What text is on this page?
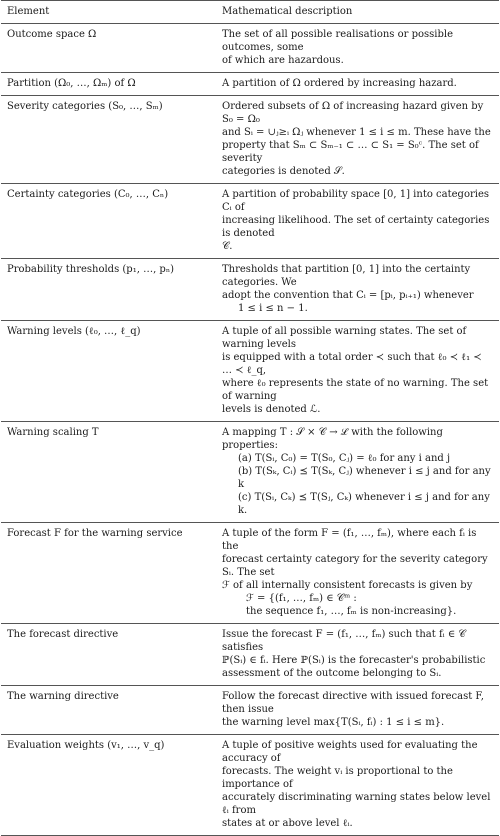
Element	Mathematical description
Outcome space Ω	The set of all possible realisations or possible outcomes, some
of which are hazardous.

Partition (Ω₀, …, Ωₘ) of Ω	A partition of Ω ordered by increasing hazard.

Severity categories (S₀, …, Sₘ)	Ordered subsets of Ω of increasing hazard given by S₀ = Ω₀
and Sᵢ = ∪ⱼ≥ᵢ Ωⱼ whenever 1 ≤ i ≤ m. These have the
property that Sₘ ⊂ Sₘ₋₁ ⊂ … ⊂ S₁ = S₀ᶜ. The set of severity
categories is denoted 𝒮.

Certainty categories (C₀, …, Cₙ)	A partition of probability space [0, 1] into categories Cᵢ of
increasing likelihood. The set of certainty categories is denoted
𝒞.

Probability thresholds (p₁, …, pₙ)	Thresholds that partition [0, 1] into the certainty categories. We
adopt the convention that Cᵢ = [pᵢ, pᵢ₊₁) whenever
1 ≤ i ≤ n − 1.

Warning levels (ℓ₀, …, ℓ_q)	A tuple of all possible warning states. The set of warning levels
is equipped with a total order ≺ such that ℓ₀ ≺ ℓ₁ ≺ … ≺ ℓ_q,
where ℓ₀ represents the state of no warning. The set of warning
levels is denoted ℒ.

Warning scaling T	A mapping T : 𝒮 × 𝒞 → ℒ with the following properties:
(a) T(Sᵢ, C₀) = T(S₀, Cⱼ) = ℓ₀ for any i and j
(b) T(Sₖ, Cᵢ) ⪯ T(Sₖ, Cⱼ) whenever i ≤ j and for any k
(c) T(Sᵢ, Cₖ) ⪯ T(Sⱼ, Cₖ) whenever i ≤ j and for any k.

Forecast F for the warning service	A tuple of the form F = (f₁, …, fₘ), where each fᵢ is the
forecast certainty category for the severity category Sᵢ. The set
ℱ of all internally consistent forecasts is given by
ℱ = {(f₁, …, fₘ) ∈ 𝒞ᵐ :
the sequence f₁, …, fₘ is non-increasing}.

The forecast directive	Issue the forecast F = (f₁, …, fₘ) such that fᵢ ∈ 𝒞 satisfies
ℙ(Sᵢ) ∈ fᵢ. Here ℙ(Sᵢ) is the forecaster's probabilistic
assessment of the outcome belonging to Sᵢ.

The warning directive	Follow the forecast directive with issued forecast F, then issue
the warning level max{T(Sᵢ, fᵢ) : 1 ≤ i ≤ m}.

Evaluation weights (v₁, …, v_q)	A tuple of positive weights used for evaluating the accuracy of
forecasts. The weight vᵢ is proportional to the importance of
accurately discriminating warning states below level ℓᵢ from
states at or above level ℓᵢ.
